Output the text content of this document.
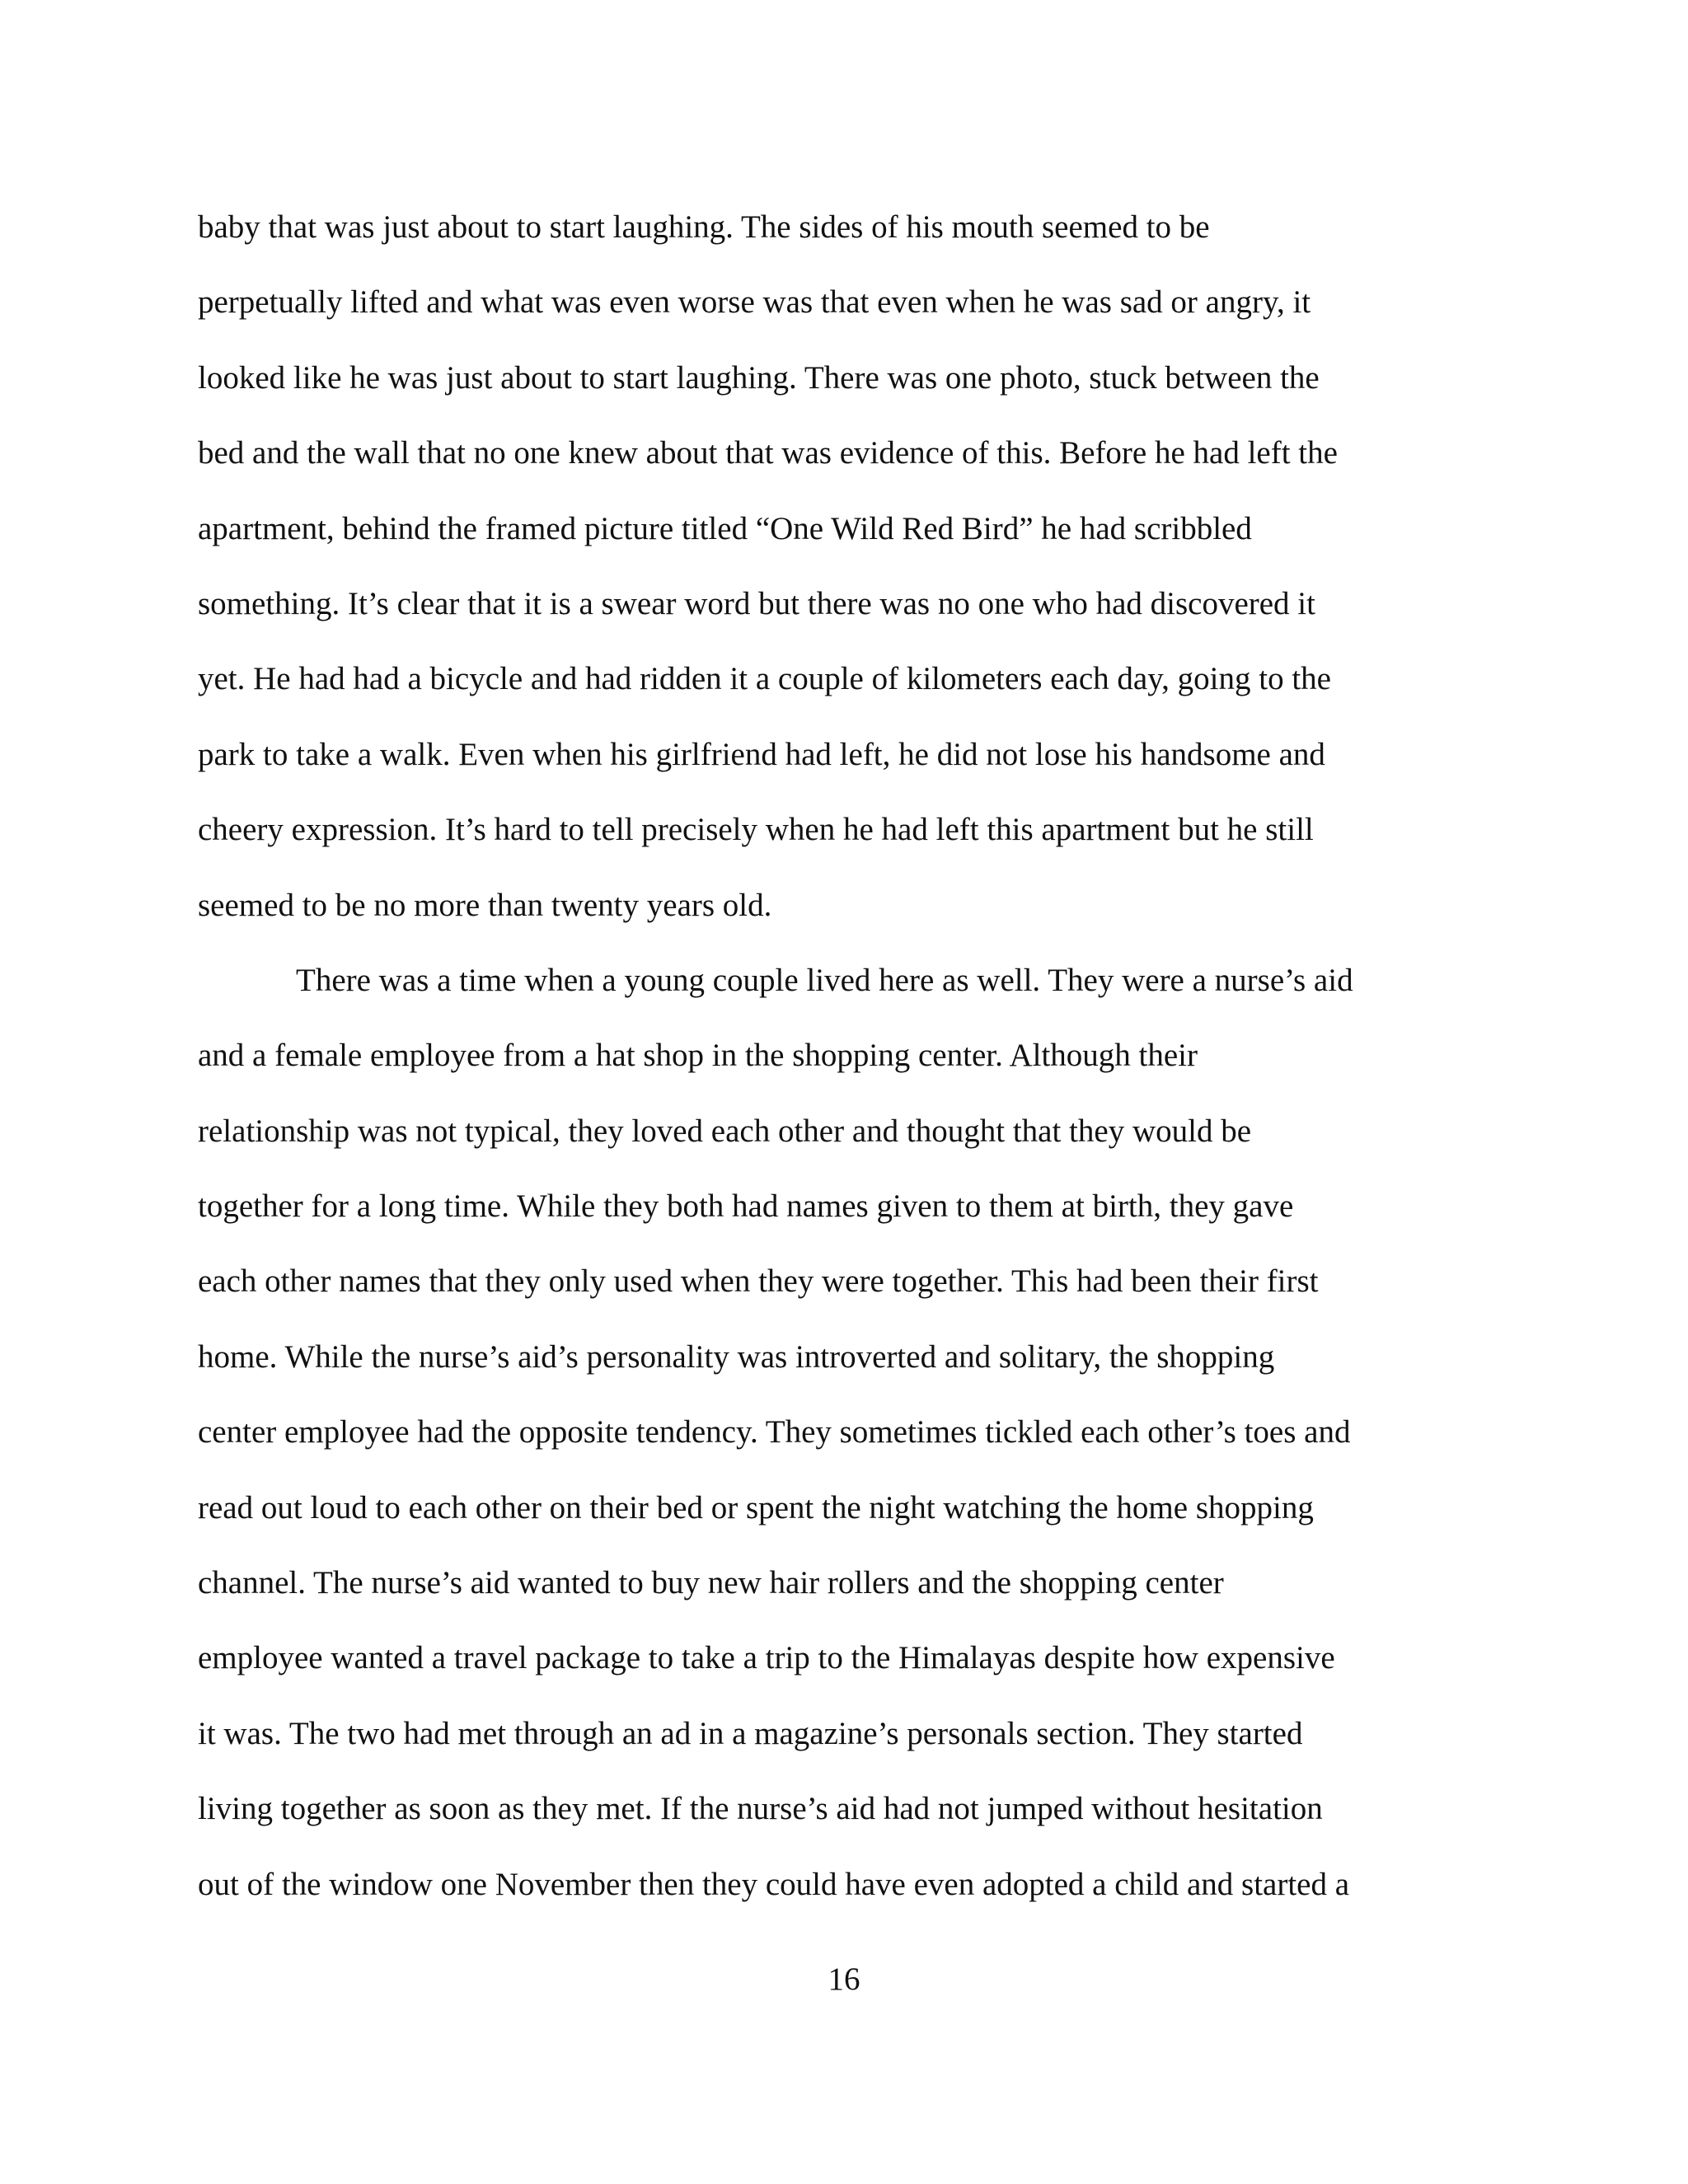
baby that was just about to start laughing. The sides of his mouth seemed to be

perpetually lifted and what was even worse was that even when he was sad or angry, it

looked like he was just about to start laughing. There was one photo, stuck between the

bed and the wall that no one knew about that was evidence of this. Before he had left the

apartment, behind the framed picture titled “One Wild Red Bird” he had scribbled

something. It’s clear that it is a swear word but there was no one who had discovered it

yet. He had had a bicycle and had ridden it a couple of kilometers each day, going to the

park to take a walk. Even when his girlfriend had left, he did not lose his handsome and

cheery expression. It’s hard to tell precisely when he had left this apartment but he still

seemed to be no more than twenty years old.

There was a time when a young couple lived here as well. They were a nurse’s aid

and a female employee from a hat shop in the shopping center. Although their

relationship was not typical, they loved each other and thought that they would be

together for a long time. While they both had names given to them at birth, they gave

each other names that they only used when they were together. This had been their first

home. While the nurse’s aid’s personality was introverted and solitary, the shopping

center employee had the opposite tendency. They sometimes tickled each other’s toes and

read out loud to each other on their bed or spent the night watching the home shopping

channel. The nurse’s aid wanted to buy new hair rollers and the shopping center

employee wanted a travel package to take a trip to the Himalayas despite how expensive

it was. The two had met through an ad in a magazine’s personals section. They started

living together as soon as they met. If the nurse’s aid had not jumped without hesitation

out of the window one November then they could have even adopted a child and started a

16
